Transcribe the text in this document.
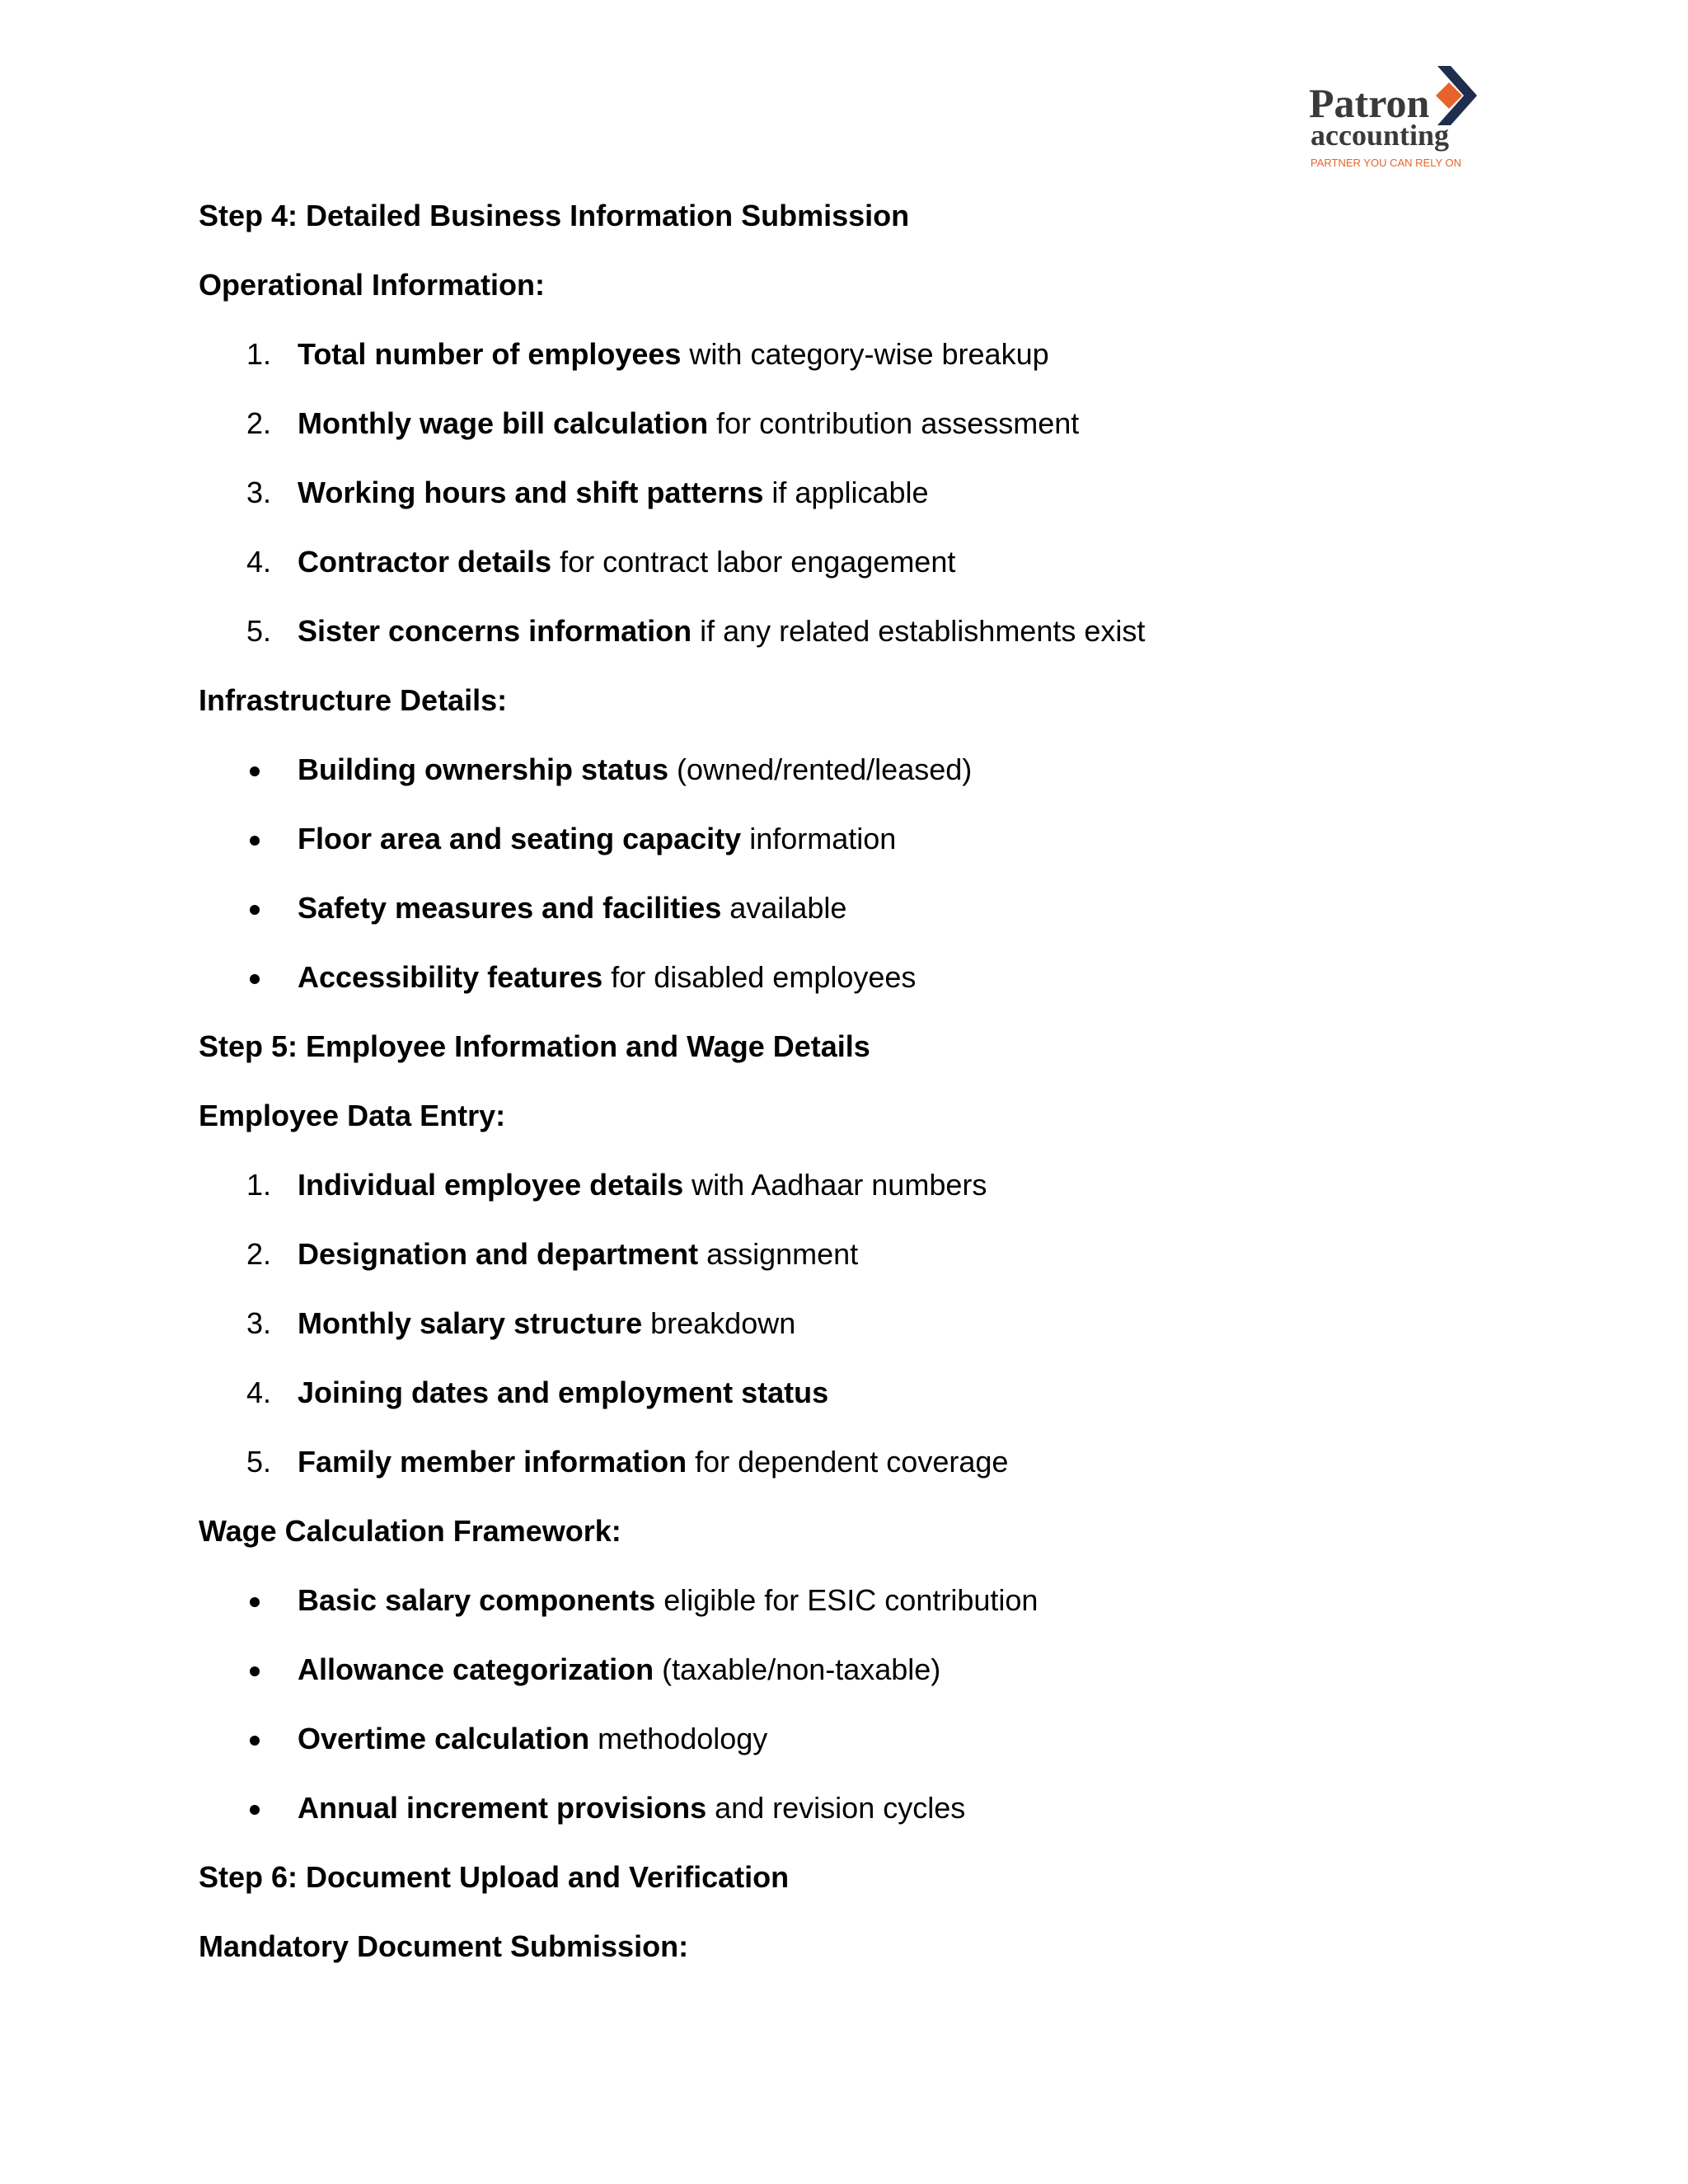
Patron
accounting
PARTNER YOU CAN RELY ON
Step 4: Detailed Business Information Submission
Operational Information:
1. Total number of employees with category-wise breakup
2. Monthly wage bill calculation for contribution assessment
3. Working hours and shift patterns if applicable
4. Contractor details for contract labor engagement
5. Sister concerns information if any related establishments exist
Infrastructure Details:
Building ownership status (owned/rented/leased)
Floor area and seating capacity information
Safety measures and facilities available
Accessibility features for disabled employees
Step 5: Employee Information and Wage Details
Employee Data Entry:
1. Individual employee details with Aadhaar numbers
2. Designation and department assignment
3. Monthly salary structure breakdown
4. Joining dates and employment status
5. Family member information for dependent coverage
Wage Calculation Framework:
Basic salary components eligible for ESIC contribution
Allowance categorization (taxable/non-taxable)
Overtime calculation methodology
Annual increment provisions and revision cycles
Step 6: Document Upload and Verification
Mandatory Document Submission:
